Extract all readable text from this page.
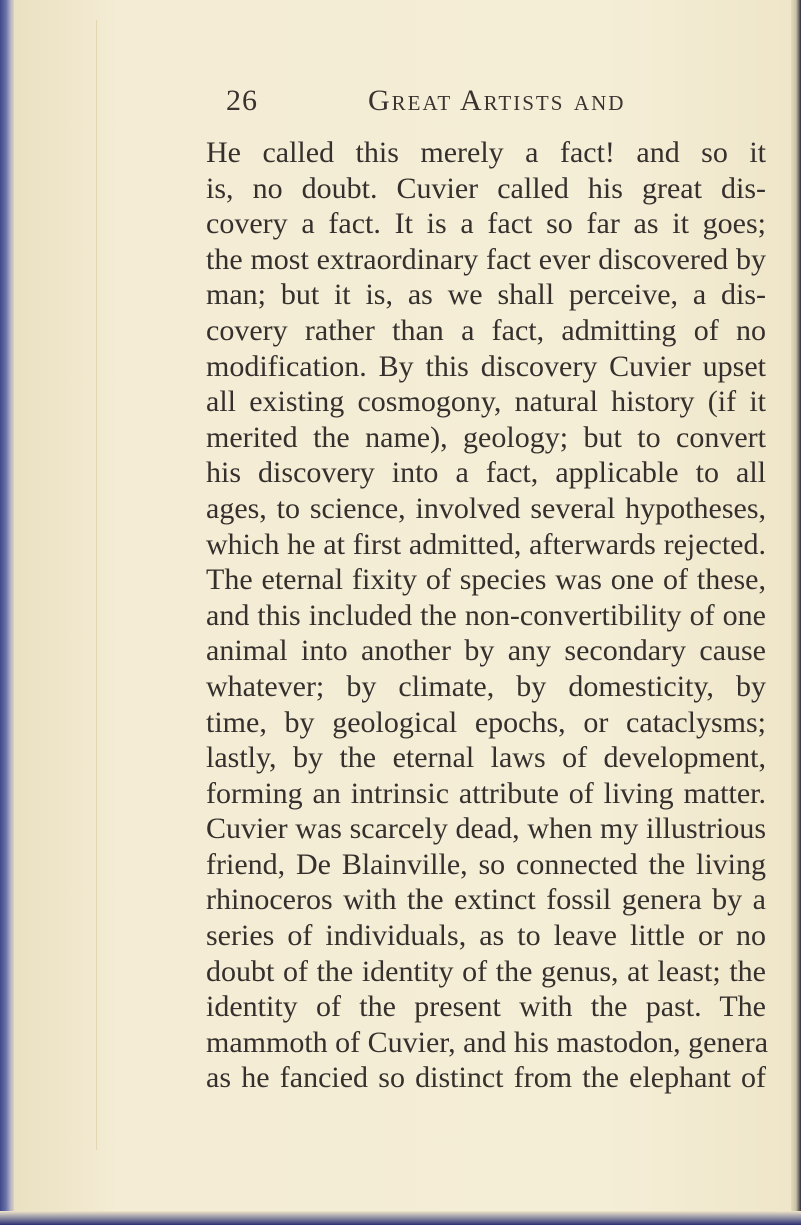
26	Great Artists and
He called this merely a fact! and so it
is, no doubt. Cuvier called his great dis-
covery a fact. It is a fact so far as it goes;
the most extraordinary fact ever discovered by
man; but it is, as we shall perceive, a dis-
covery rather than a fact, admitting of no
modification. By this discovery Cuvier upset
all existing cosmogony, natural history (if it
merited the name), geology; but to convert
his discovery into a fact, applicable to all
ages, to science, involved several hypotheses,
which he at first admitted, afterwards rejected.
The eternal fixity of species was one of these,
and this included the non-convertibility of one
animal into another by any secondary cause
whatever; by climate, by domesticity, by
time, by geological epochs, or cataclysms;
lastly, by the eternal laws of development,
forming an intrinsic attribute of living matter.
Cuvier was scarcely dead, when my illustrious
friend, De Blainville, so connected the living
rhinoceros with the extinct fossil genera by a
series of individuals, as to leave little or no
doubt of the identity of the genus, at least; the
identity of the present with the past. The
mammoth of Cuvier, and his mastodon, genera
as he fancied so distinct from the elephant of
